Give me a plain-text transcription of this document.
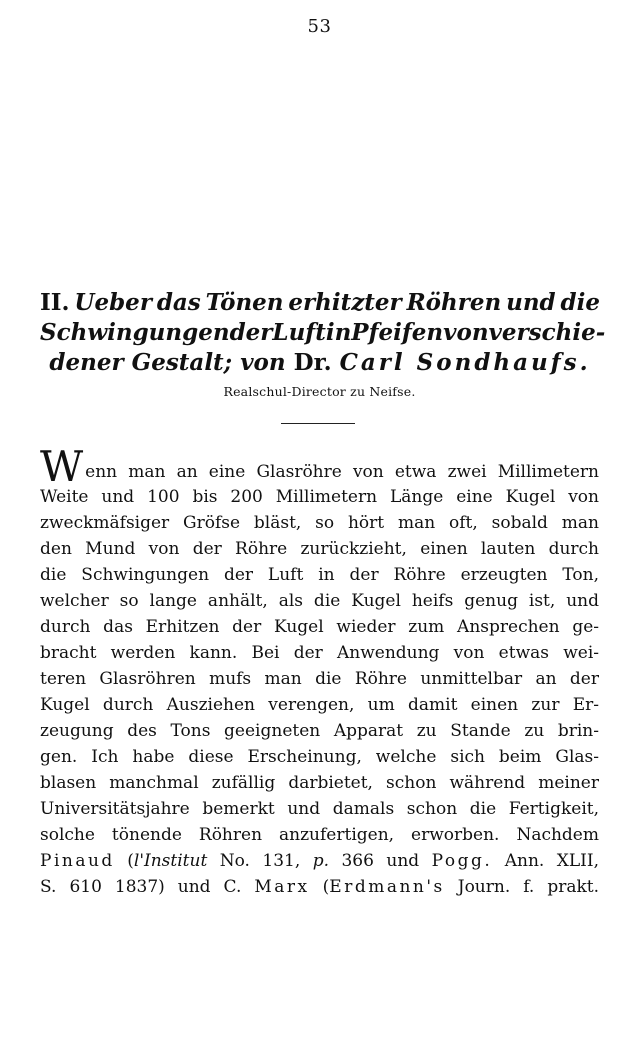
53
II. Ueber das Tönen erhitzter Röhren und die
Schwingungen der Luft in Pfeifen von verschie-
dener Gestalt; von Dr. Carl Sondhaufs.
Realschul-Director zu Neifse.
Wenn man an eine Glasröhre von etwa zwei Millimetern
Weite und 100 bis 200 Millimetern Länge eine Kugel von
zweckmäfsiger Gröfse bläst, so hört man oft, sobald man
den Mund von der Röhre zurückzieht, einen lauten durch
die Schwingungen der Luft in der Röhre erzeugten Ton,
welcher so lange anhält, als die Kugel heifs genug ist, und
durch das Erhitzen der Kugel wieder zum Ansprechen ge-
bracht werden kann. Bei der Anwendung von etwas wei-
teren Glasröhren mufs man die Röhre unmittelbar an der
Kugel durch Ausziehen verengen, um damit einen zur Er-
zeugung des Tons geeigneten Apparat zu Stande zu brin-
gen. Ich habe diese Erscheinung, welche sich beim Glas-
blasen manchmal zufällig darbietet, schon während meiner
Universitätsjahre bemerkt und damals schon die Fertigkeit,
solche tönende Röhren anzufertigen, erworben. Nachdem
Pinaud (l'Institut No. 131, p. 366 und Pogg. Ann. XLII,
S. 610 1837) und C. Marx (Erdmann's Journ. f. prakt.
